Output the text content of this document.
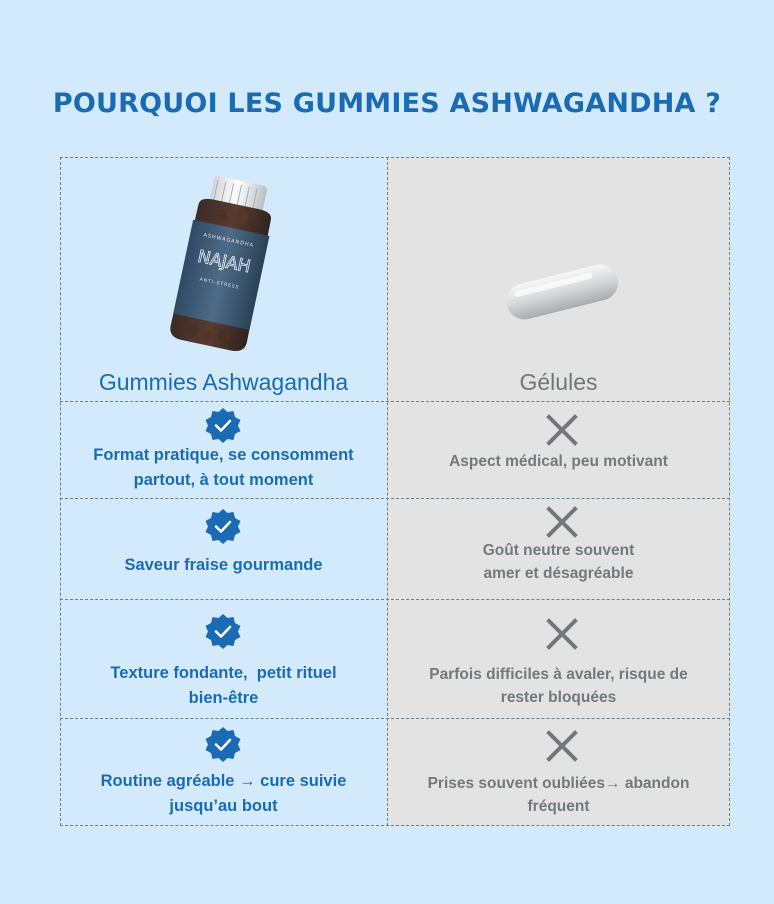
POURQUOI LES GUMMIES ASHWAGANDHA ?
ASHWAGANDHA
NAJAH
ANTI-STRESS
Gummies Ashwagandha	Gélules
Format pratique, se consomment
partout, à tout moment
Aspect médical, peu motivant
Saveur fraise gourmande
Goût neutre souvent
amer et désagréable
Texture fondante,  petit rituel
bien-être
Parfois difficiles à avaler, risque de
rester bloquées
Routine agréable → cure suivie
jusqu’au bout
Prises souvent oubliées→ abandon
fréquent
